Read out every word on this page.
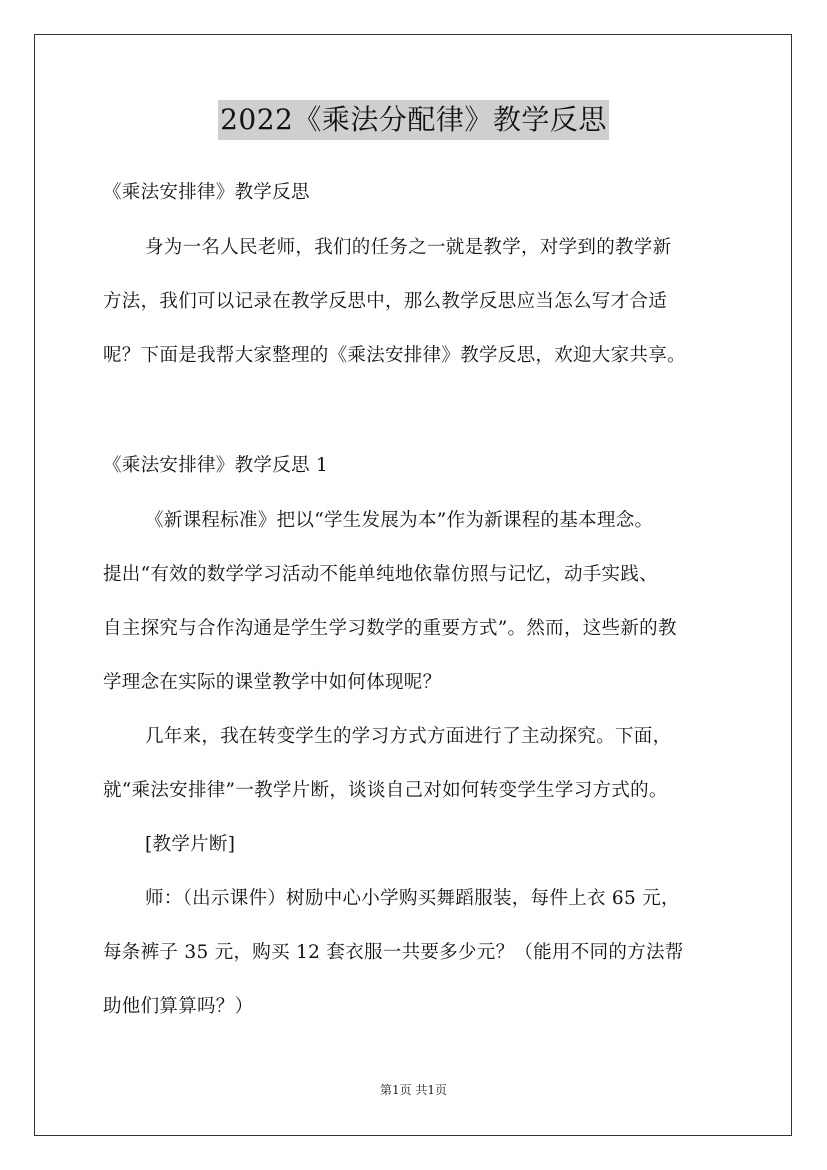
2022《乘法分配律》教学反思
《乘法安排律》教学反思
身为一名人民老师，我们的任务之一就是教学，对学到的教学新
方法，我们可以记录在教学反思中，那么教学反思应当怎么写才合适
呢？下面是我帮大家整理的《乘法安排律》教学反思，欢迎大家共享。
《乘法安排律》教学反思 1
《新课程标准》把以“学生发展为本”作为新课程的基本理念。
提出“有效的数学学习活动不能单纯地依靠仿照与记忆，动手实践、
自主探究与合作沟通是学生学习数学的重要方式”。然而，这些新的教
学理念在实际的课堂教学中如何体现呢？
几年来，我在转变学生的学习方式方面进行了主动探究。下面，
就“乘法安排律”一教学片断，谈谈自己对如何转变学生学习方式的。
[教学片断]
师：（出示课件）树励中心小学购买舞蹈服装，每件上衣 65 元，
每条裤子 35 元，购买 12 套衣服一共要多少元？（能用不同的方法帮
助他们算算吗？）
第1页 共1页
